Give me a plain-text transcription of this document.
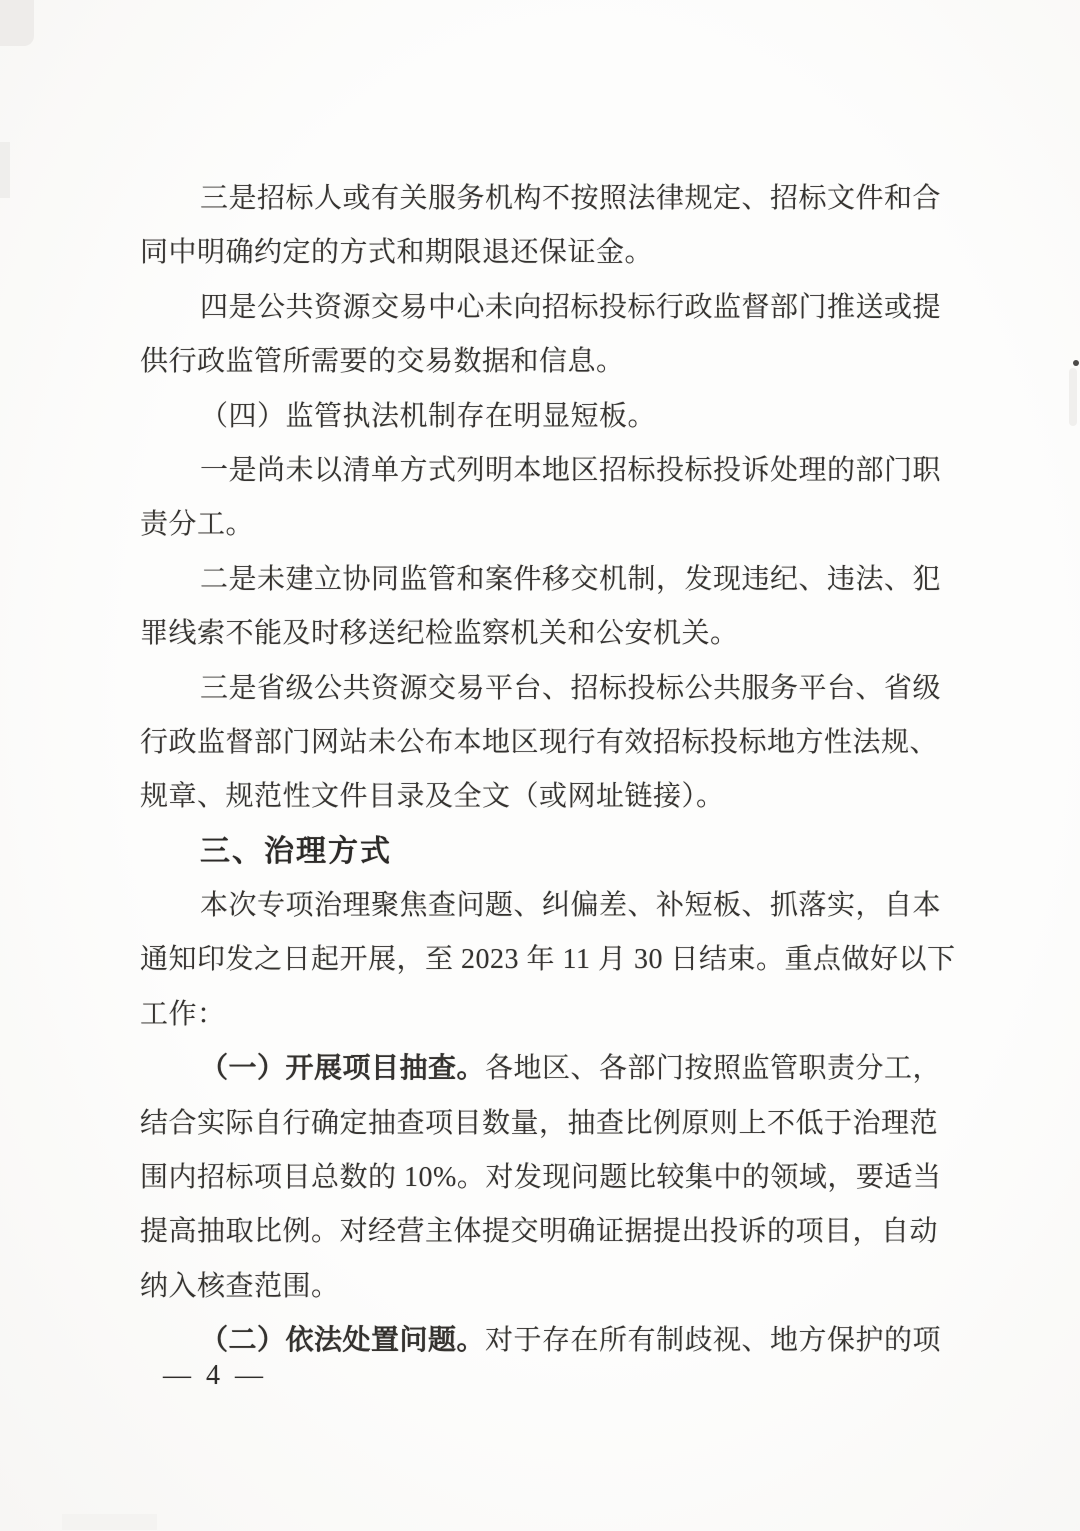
三是招标人或有关服务机构不按照法律规定、招标文件和合
同中明确约定的方式和期限退还保证金。
四是公共资源交易中心未向招标投标行政监督部门推送或提
供行政监管所需要的交易数据和信息。
（四）监管执法机制存在明显短板。
一是尚未以清单方式列明本地区招标投标投诉处理的部门职
责分工。
二是未建立协同监管和案件移交机制，发现违纪、违法、犯
罪线索不能及时移送纪检监察机关和公安机关。
三是省级公共资源交易平台、招标投标公共服务平台、省级
行政监督部门网站未公布本地区现行有效招标投标地方性法规、
规章、规范性文件目录及全文（或网址链接）。
三、治理方式
本次专项治理聚焦查问题、纠偏差、补短板、抓落实，自本
通知印发之日起开展，至 2023 年 11 月 30 日结束。重点做好以下
工作：
（一）开展项目抽查。各地区、各部门按照监管职责分工，
结合实际自行确定抽查项目数量，抽查比例原则上不低于治理范
围内招标项目总数的 10%。对发现问题比较集中的领域，要适当
提高抽取比例。对经营主体提交明确证据提出投诉的项目，自动
纳入核查范围。
（二）依法处置问题。对于存在所有制歧视、地方保护的项
— 4 —
